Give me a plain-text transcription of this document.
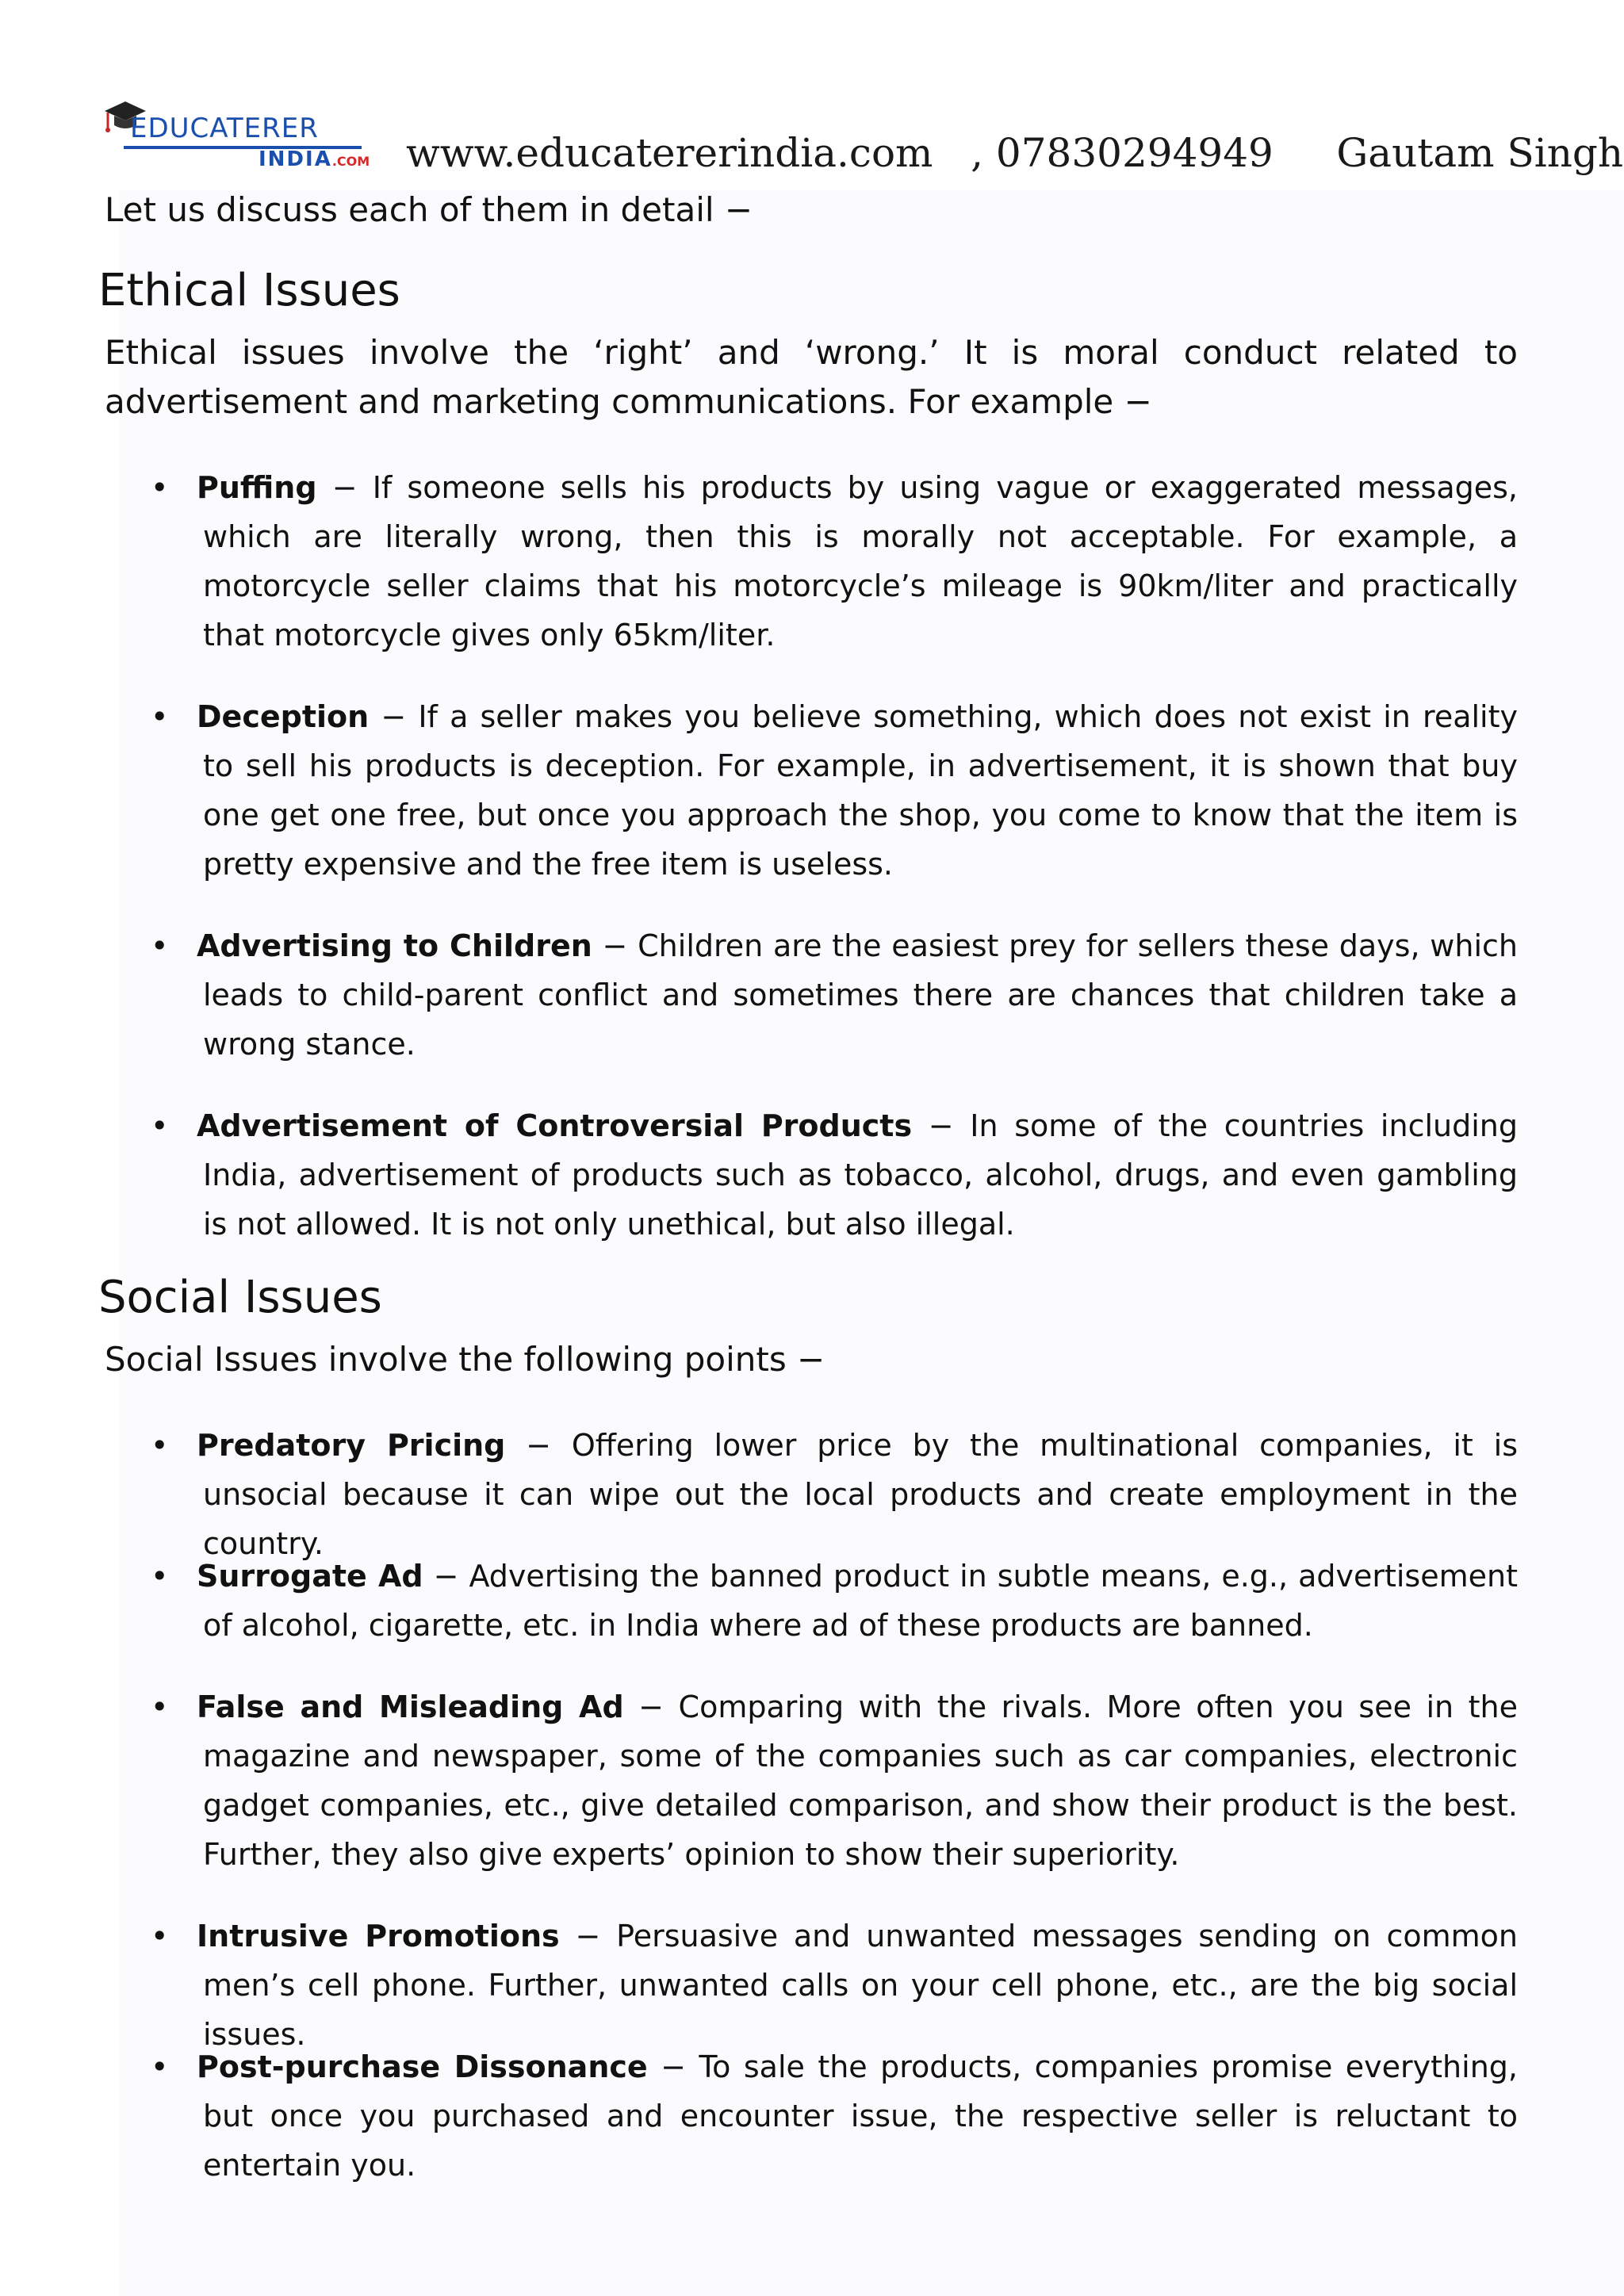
EDUCATERER
INDIA.COM www.educatererindia.com   , 07830294949     Gautam Singh
Let us discuss each of them in detail −
Ethical Issues

Ethical issues involve the ‘right’ and ‘wrong.’ It is moral conduct related to advertisement and marketing communications. For example −

• Puffing − If someone sells his products by using vague or exaggerated messages, which are literally wrong, then this is morally not acceptable. For example, a motorcycle seller claims that his motorcycle’s mileage is 90km/liter and practically that motorcycle gives only 65km/liter.

• Deception − If a seller makes you believe something, which does not exist in reality to sell his products is deception. For example, in advertisement, it is shown that buy one get one free, but once you approach the shop, you come to know that the item is pretty expensive and the free item is useless.

• Advertising to Children − Children are the easiest prey for sellers these days, which leads to child-parent conflict and sometimes there are chances that children take a wrong stance.

• Advertisement of Controversial Products − In some of the countries including India, advertisement of products such as tobacco, alcohol, drugs, and even gambling is not allowed. It is not only unethical, but also illegal.

Social Issues

Social Issues involve the following points −

• Predatory Pricing − Offering lower price by the multinational companies, it is unsocial because it can wipe out the local products and create employment in the country.

• Surrogate Ad − Advertising the banned product in subtle means, e.g., advertisement of alcohol, cigarette, etc. in India where ad of these products are banned.

• False and Misleading Ad − Comparing with the rivals. More often you see in the magazine and newspaper, some of the companies such as car companies, electronic gadget companies, etc., give detailed comparison, and show their product is the best. Further, they also give experts’ opinion to show their superiority.

• Intrusive Promotions − Persuasive and unwanted messages sending on common men’s cell phone. Further, unwanted calls on your cell phone, etc., are the big social issues.

• Post-purchase Dissonance − To sale the products, companies promise everything, but once you purchased and encounter issue, the respective seller is reluctant to entertain you.
